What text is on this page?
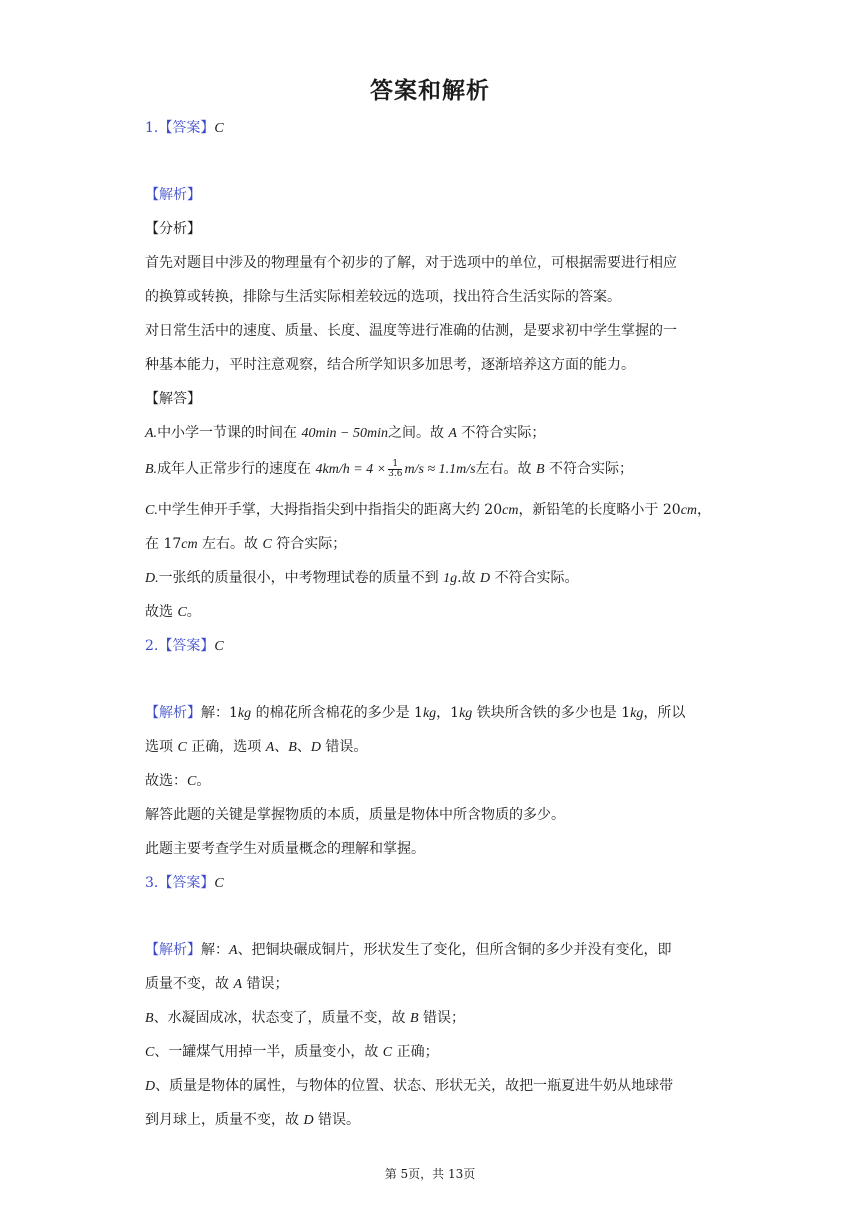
答案和解析
1.【答案】C
【解析】
【分析】
首先对题目中涉及的物理量有个初步的了解，对于选项中的单位，可根据需要进行相应
的换算或转换，排除与生活实际相差较远的选项，找出符合生活实际的答案。
对日常生活中的速度、质量、长度、温度等进行准确的估测，是要求初中学生掌握的一
种基本能力，平时注意观察，结合所学知识多加思考，逐渐培养这方面的能力。
【解答】
A.中小学一节课的时间在 40min − 50min之间。故 A 不符合实际；
B.成年人正常步行的速度在 $4km/h = 4 \times \frac{1}{3.6} m/s \approx 1.1m/s$左右。故 B 不符合实际；
C.中学生伸开手掌，大拇指指尖到中指指尖的距离大约 20cm，新铅笔的长度略小于 20cm，
在 17cm 左右。故 C 符合实际；
D.一张纸的质量很小，中考物理试卷的质量不到 1g.故 D 不符合实际。
故选 C。
2.【答案】C
【解析】解：1kg 的棉花所含棉花的多少是 1kg，1kg 铁块所含铁的多少也是 1kg，所以
选项 C 正确，选项 A、B、D 错误。
故选：C。
解答此题的关键是掌握物质的本质，质量是物体中所含物质的多少。
此题主要考查学生对质量概念的理解和掌握。
3.【答案】C
【解析】解：A、把铜块碾成铜片，形状发生了变化，但所含铜的多少并没有变化，即
质量不变，故 A 错误；
B、水凝固成冰，状态变了，质量不变，故 B 错误；
C、一罐煤气用掉一半，质量变小，故 C 正确；
D、质量是物体的属性，与物体的位置、状态、形状无关，故把一瓶夏进牛奶从地球带
到月球上，质量不变，故 D 错误。
第 5页，共 13页
